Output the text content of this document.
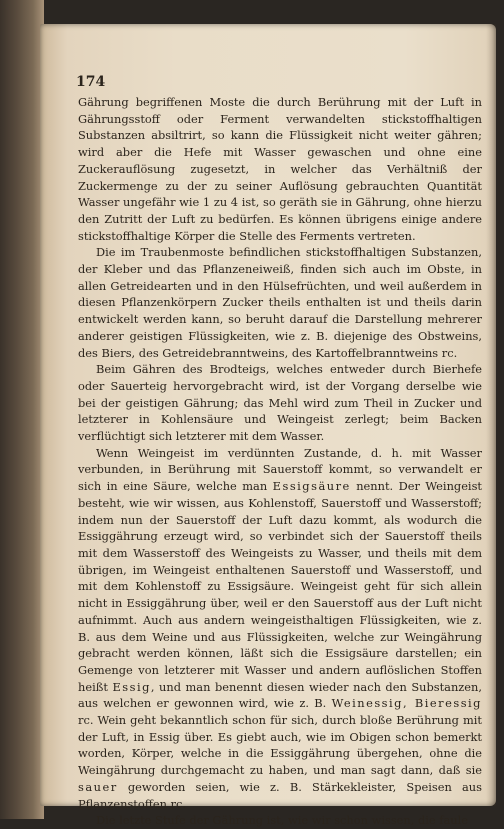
174

Gährung begriffenen Moste die durch Berührung mit der Luft in Gährungsstoff oder Ferment verwandelten stickstoffhaltigen Substanzen absiltrirt, so kann die Flüssigkeit nicht weiter gähren; wird aber die Hefe mit Wasser gewaschen und ohne eine Zuckerauflösung zugesetzt, in welcher das Verhältniß der Zuckermenge zu der zu seiner Auflösung gebrauchten Quantität Wasser ungefähr wie 1 zu 4 ist, so geräth sie in Gährung, ohne hierzu den Zutritt der Luft zu bedürfen. Es können übrigens einige andere stickstoffhaltige Körper die Stelle des Ferments vertreten.

Die im Traubenmoste befindlichen stickstoffhaltigen Substanzen, der Kleber und das Pflanzeneiweiß, finden sich auch im Obste, in allen Getreidearten und in den Hülsefrüchten, und weil außerdem in diesen Pflanzenkörpern Zucker theils enthalten ist und theils darin entwickelt werden kann, so beruht darauf die Darstellung mehrerer anderer geistigen Flüssigkeiten, wie z. B. diejenige des Obstweins, des Biers, des Getreidebranntweins, des Kartoffelbranntweins rc.

Beim Gähren des Brodteigs, welches entweder durch Bierhefe oder Sauerteig hervorgebracht wird, ist der Vorgang derselbe wie bei der geistigen Gährung; das Mehl wird zum Theil in Zucker und letzterer in Kohlensäure und Weingeist zerlegt; beim Backen verflüchtigt sich letzterer mit dem Wasser.

Wenn Weingeist im verdünnten Zustande, d. h. mit Wasser verbunden, in Berührung mit Sauerstoff kommt, so verwandelt er sich in eine Säure, welche man Essigsäure nennt. Der Weingeist besteht, wie wir wissen, aus Kohlenstoff, Sauerstoff und Wasserstoff; indem nun der Sauerstoff der Luft dazu kommt, als wodurch die Essiggährung erzeugt wird, so verbindet sich der Sauerstoff theils mit dem Wasserstoff des Weingeists zu Wasser, und theils mit dem übrigen, im Weingeist enthaltenen Sauerstoff und Wasserstoff, und mit dem Kohlenstoff zu Essigsäure. Weingeist geht für sich allein nicht in Essiggährung über, weil er den Sauerstoff aus der Luft nicht aufnimmt. Auch aus andern weingeisthaltigen Flüssigkeiten, wie z. B. aus dem Weine und aus Flüssigkeiten, welche zur Weingährung gebracht werden können, läßt sich die Essigsäure darstellen; ein Gemenge von letzterer mit Wasser und andern auflöslichen Stoffen heißt Essig, und man benennt diesen wieder nach den Substanzen, aus welchen er gewonnen wird, wie z. B. Weinessig, Bieressig rc. Wein geht bekanntlich schon für sich, durch bloße Berührung mit der Luft, in Essig über. Es giebt auch, wie im Obigen schon bemerkt worden, Körper, welche in die Essiggährung übergehen, ohne die Weingährung durchgemacht zu haben, und man sagt dann, daß sie sauer geworden seien, wie z. B. Stärkekleister, Speisen aus Pflanzenstoffen rc.

Die letzte Stufe der Gährung ist, wie wir schon wissen, die faule
